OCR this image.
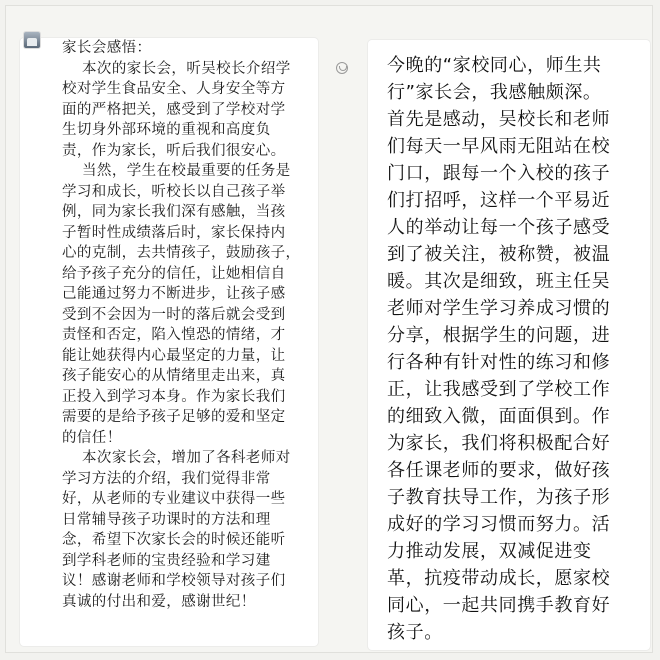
家长会感悟：
本次的家长会，听吴校长介绍学
校对学生食品安全、人身安全等方
面的严格把关，感受到了学校对学
生切身外部环境的重视和高度负
责，作为家长，听后我们很安心。
当然，学生在校最重要的任务是
学习和成长，听校长以自己孩子举
例，同为家长我们深有感触，当孩
子暂时性成绩落后时，家长保持内
心的克制，去共情孩子，鼓励孩子，
给予孩子充分的信任，让她相信自
己能通过努力不断进步，让孩子感
受到不会因为一时的落后就会受到
责怪和否定，陷入惶恐的情绪，才
能让她获得内心最坚定的力量，让
孩子能安心的从情绪里走出来，真
正投入到学习本身。作为家长我们
需要的是给予孩子足够的爱和坚定
的信任！
本次家长会，增加了各科老师对
学习方法的介绍，我们觉得非常
好，从老师的专业建议中获得一些
日常辅导孩子功课时的方法和理
念，希望下次家长会的时候还能听
到学科老师的宝贵经验和学习建
议！感谢老师和学校领导对孩子们
真诚的付出和爱，感谢世纪！
今晚的“家校同心，师生共
行”家长会，我感触颇深。
首先是感动，吴校长和老师
们每天一早风雨无阻站在校
门口，跟每一个入校的孩子
们打招呼，这样一个平易近
人的举动让每一个孩子感受
到了被关注，被称赞，被温
暖。其次是细致，班主任吴
老师对学生学习养成习惯的
分享，根据学生的问题，进
行各种有针对性的练习和修
正，让我感受到了学校工作
的细致入微，面面俱到。作
为家长，我们将积极配合好
各任课老师的要求，做好孩
子教育扶导工作，为孩子形
成好的学习习惯而努力。活
力推动发展，双减促进变
革，抗疫带动成长，愿家校
同心，一起共同携手教育好
孩子。
